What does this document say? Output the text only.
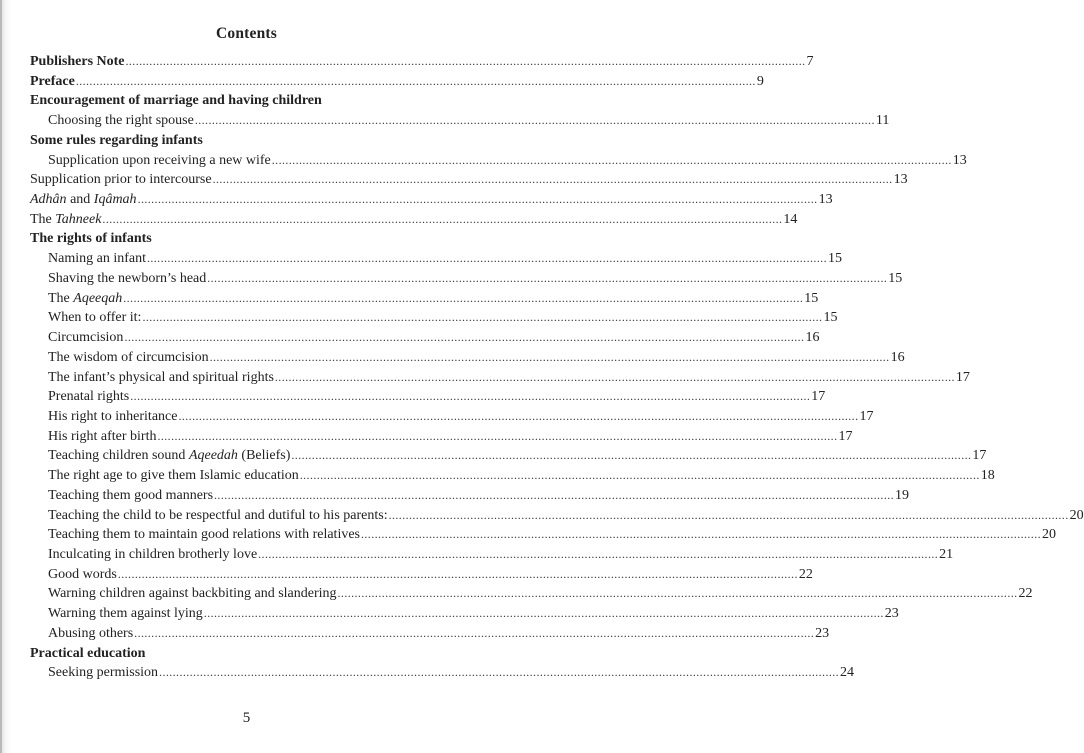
Contents
Publishers Note ........................................................................................................................................................................................................ 7
Preface ........................................................................................................................................................................................................ 9
Encouragement of marriage and having children
Choosing the right spouse ........................................................................................................................................................................................................ 11
Some rules regarding infants
Supplication upon receiving a new wife ........................................................................................................................................................................................................ 13
Supplication prior to intercourse ........................................................................................................................................................................................................ 13
Adhân and Iqâmah ........................................................................................................................................................................................................ 13
The Tahneek ........................................................................................................................................................................................................ 14
The rights of infants
Naming an infant ........................................................................................................................................................................................................ 15
Shaving the newborn’s head ........................................................................................................................................................................................................ 15
The Aqeeqah ........................................................................................................................................................................................................ 15
When to offer it: ........................................................................................................................................................................................................ 15
Circumcision ........................................................................................................................................................................................................ 16
The wisdom of circumcision ........................................................................................................................................................................................................ 16
The infant’s physical and spiritual rights ........................................................................................................................................................................................................ 17
Prenatal rights ........................................................................................................................................................................................................ 17
His right to inheritance ........................................................................................................................................................................................................ 17
His right after birth ........................................................................................................................................................................................................ 17
Teaching children sound Aqeedah (Beliefs) ........................................................................................................................................................................................................ 17
The right age to give them Islamic education ........................................................................................................................................................................................................ 18
Teaching them good manners ........................................................................................................................................................................................................ 19
Teaching the child to be respectful and dutiful to his parents: ........................................................................................................................................................................................................ 20
Teaching them to maintain good relations with relatives ........................................................................................................................................................................................................ 20
Inculcating in children brotherly love ........................................................................................................................................................................................................ 21
Good words ........................................................................................................................................................................................................ 22
Warning children against backbiting and slandering ........................................................................................................................................................................................................ 22
Warning them against lying ........................................................................................................................................................................................................ 23
Abusing others ........................................................................................................................................................................................................ 23
Practical education
Seeking permission ........................................................................................................................................................................................................ 24
5
